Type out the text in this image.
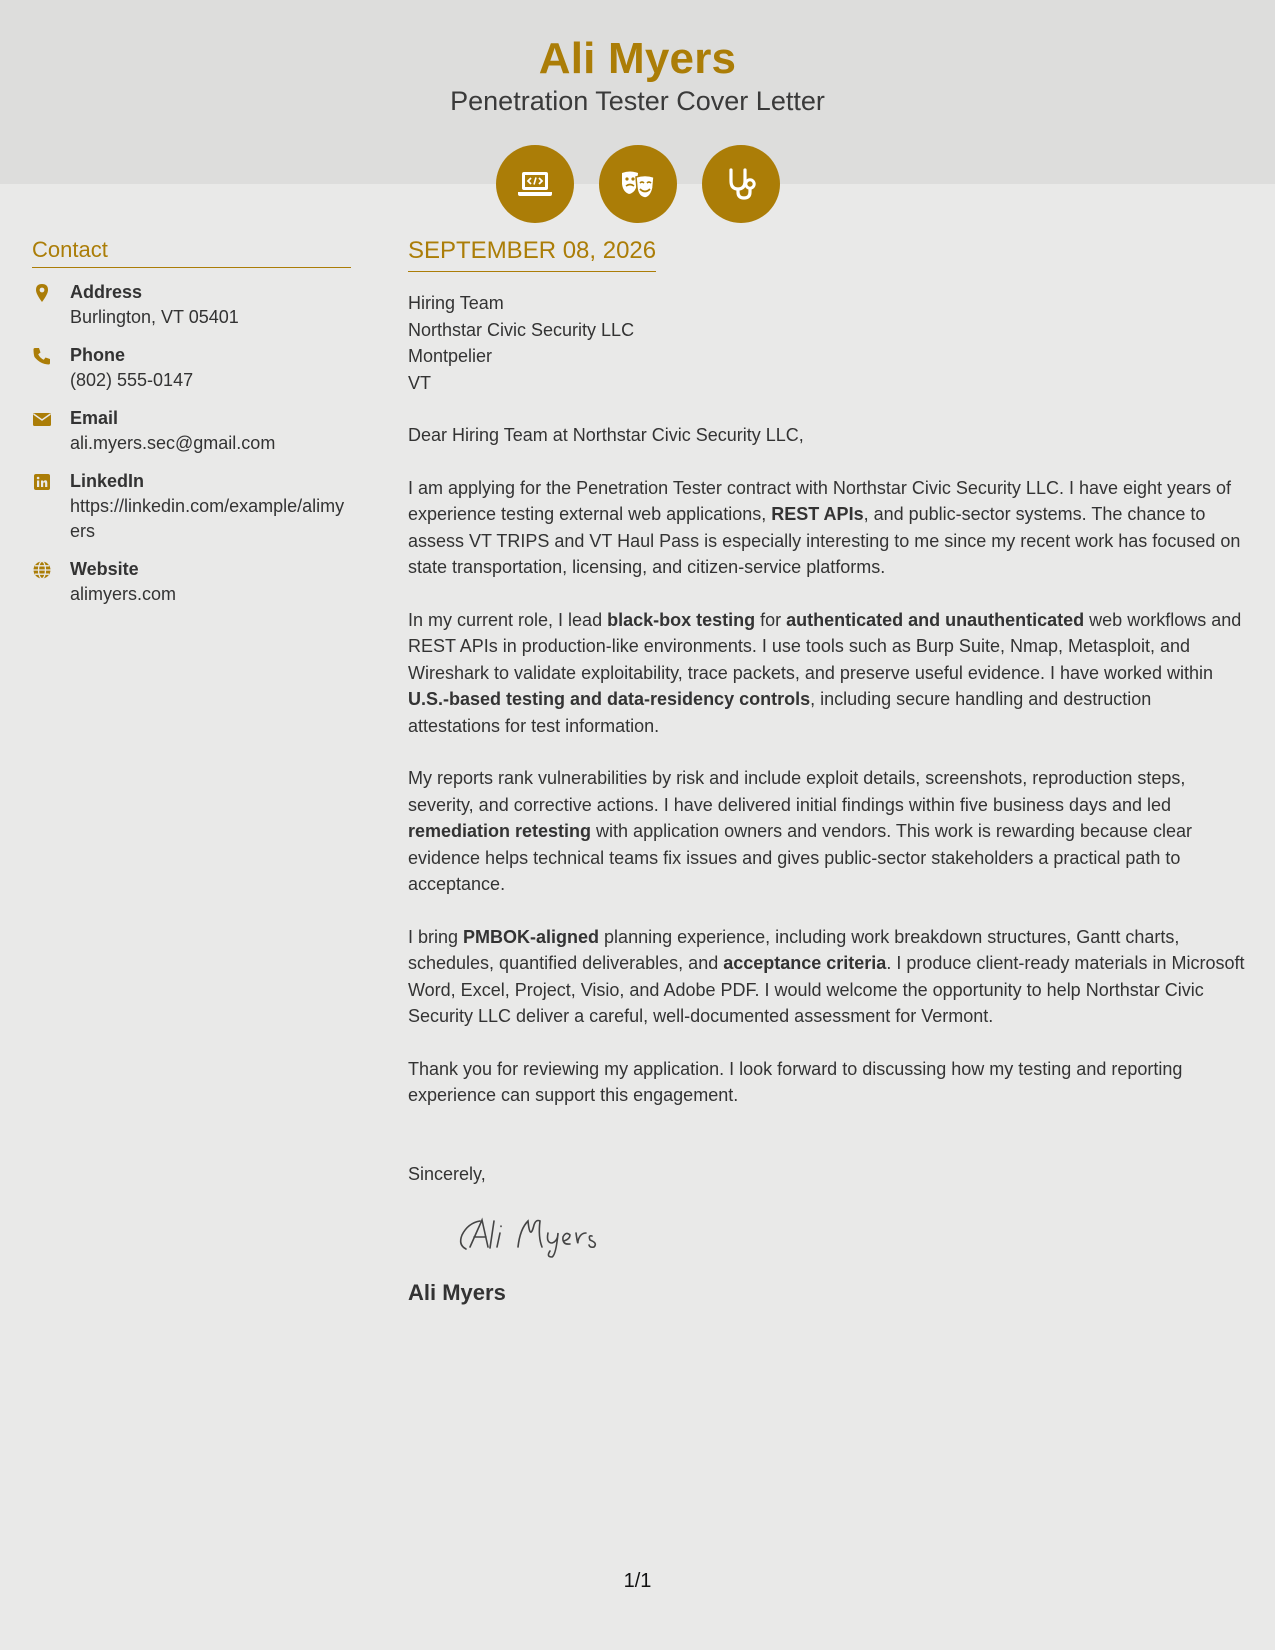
Ali Myers
Penetration Tester Cover Letter
Contact
Address
Burlington, VT 05401
Phone
(802) 555-0147
Email
ali.myers.sec@gmail.com
LinkedIn
https://linkedin.com/example/alimyers
Website
alimyers.com
SEPTEMBER 08, 2026
Hiring Team
Northstar Civic Security LLC
Montpelier
VT
Dear Hiring Team at Northstar Civic Security LLC,
I am applying for the Penetration Tester contract with Northstar Civic Security LLC. I have eight years of experience testing external web applications, REST APIs, and public-sector systems. The chance to assess VT TRIPS and VT Haul Pass is especially interesting to me since my recent work has focused on state transportation, licensing, and citizen-service platforms.
In my current role, I lead black-box testing for authenticated and unauthenticated web workflows and REST APIs in production-like environments. I use tools such as Burp Suite, Nmap, Metasploit, and Wireshark to validate exploitability, trace packets, and preserve useful evidence. I have worked within U.S.-based testing and data-residency controls, including secure handling and destruction attestations for test information.
My reports rank vulnerabilities by risk and include exploit details, screenshots, reproduction steps, severity, and corrective actions. I have delivered initial findings within five business days and led remediation retesting with application owners and vendors. This work is rewarding because clear evidence helps technical teams fix issues and gives public-sector stakeholders a practical path to acceptance.
I bring PMBOK-aligned planning experience, including work breakdown structures, Gantt charts, schedules, quantified deliverables, and acceptance criteria. I produce client-ready materials in Microsoft Word, Excel, Project, Visio, and Adobe PDF. I would welcome the opportunity to help Northstar Civic Security LLC deliver a careful, well-documented assessment for Vermont.
Thank you for reviewing my application. I look forward to discussing how my testing and reporting experience can support this engagement.
Sincerely,
Ali Myers
1/1
